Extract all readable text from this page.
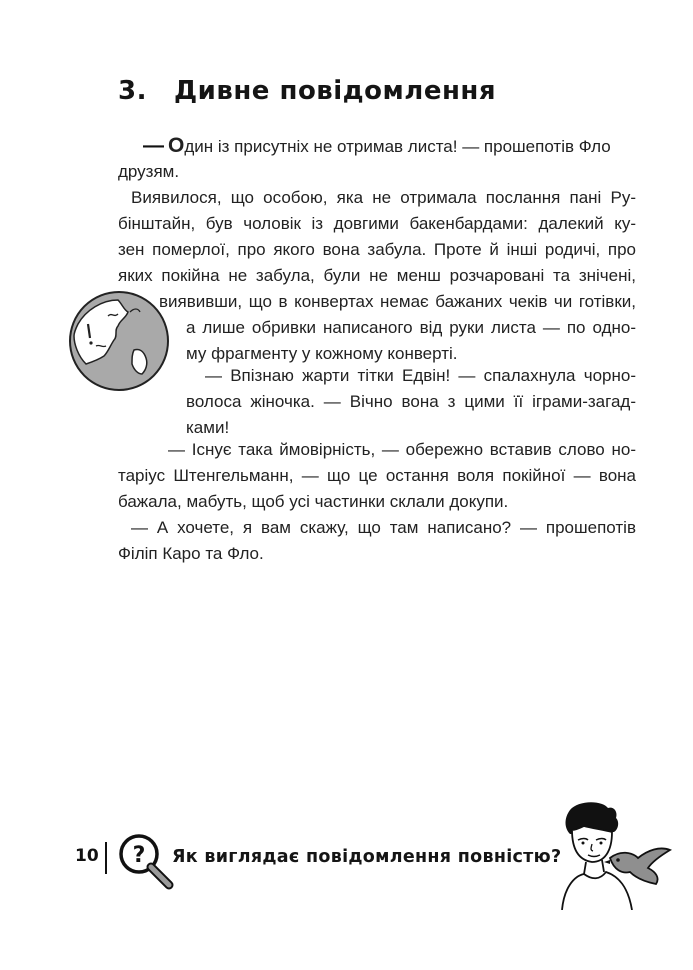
3. Дивне повідомлення
— Один із присутніх не отримав листа! — прошепотів Фло
друзям.
Виявилося, що особою, яка не отримала послання пані Ру-
бінштайн, був чоловік із довгими бакенбардами: далекий ку-
зен померлої, про якого вона забула. Проте й інші родичі, про
яких покійна не забула, були не менш розчаровані та знічені,
виявивши, що в конвертах немає бажаних чеків чи готівки,
а лише обривки написаного від руки листа — по одно-
му фрагменту у кожному конверті.
— Впізнаю жарти тітки Едвін! — спалахнула чорно-
волоса жіночка. — Вічно вона з цими її іграми-загад-
ками!
— Існує така ймовірність, — обережно вставив слово но-
таріус Штенгельманн, — що це остання воля покійної — вона
бажала, мабуть, щоб усі частинки склали докупи.
— А хочете, я вам скажу, що там написано? — прошепотів
Філіп Каро та Фло.
10 ? Як виглядає повідомлення повністю?
